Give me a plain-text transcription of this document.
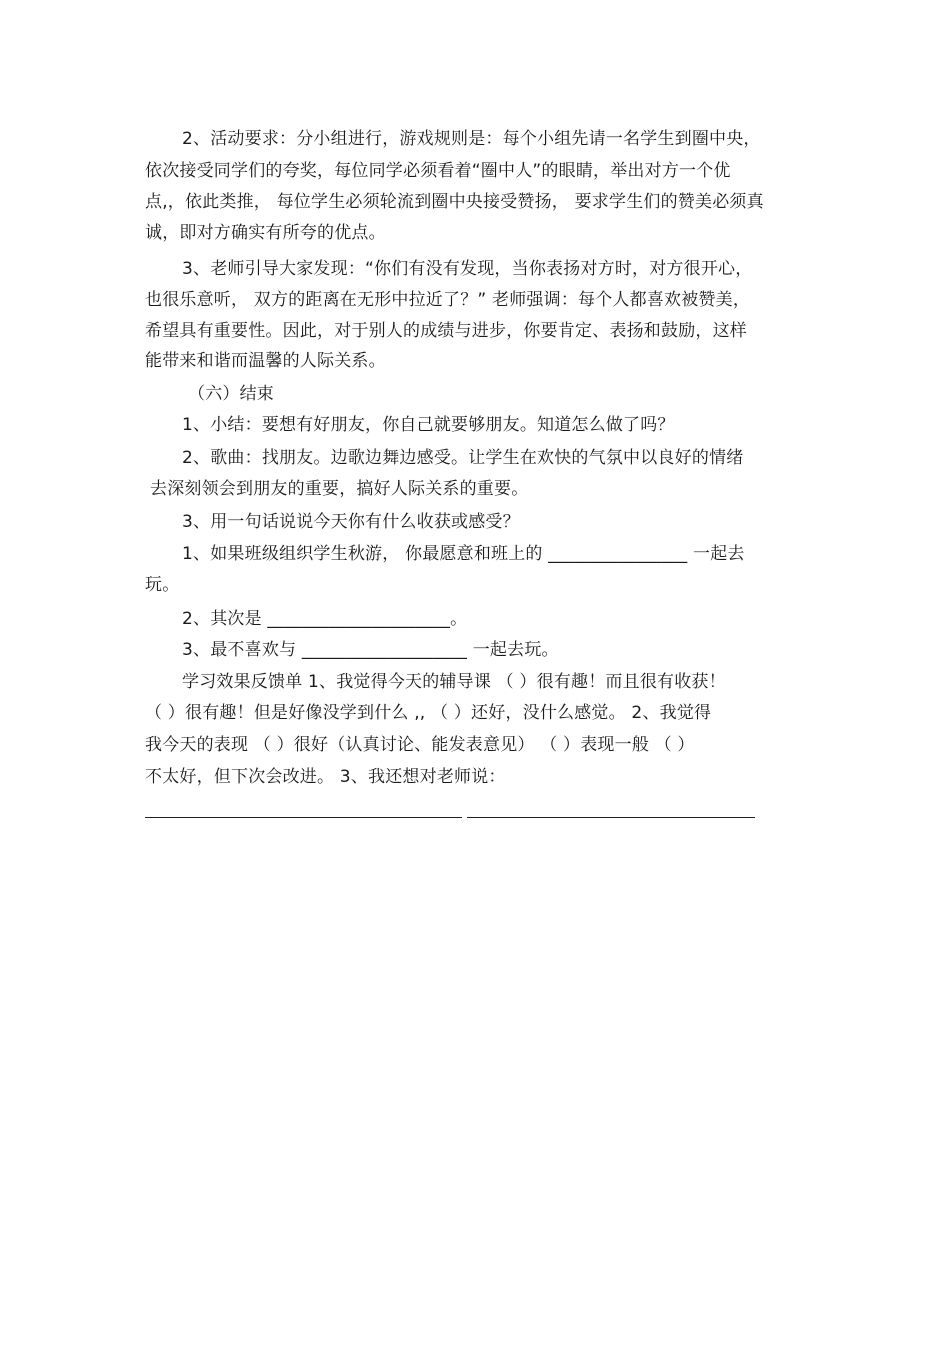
2、活动要求：分小组进行，游戏规则是：每个小组先请一名学生到圈中央，
依次接受同学们的夸奖，每位同学必须看着“圈中人”的眼睛，举出对方一个优
点,，依此类推， 每位学生必须轮流到圈中央接受赞扬， 要求学生们的赞美必须真
诚，即对方确实有所夸的优点。
3、老师引导大家发现：“你们有没有发现，当你表扬对方时，对方很开心，
也很乐意听， 双方的距离在无形中拉近了？” 老师强调：每个人都喜欢被赞美，
希望具有重要性。因此，对于别人的成绩与进步，你要肯定、表扬和鼓励，这样
能带来和谐而温馨的人际关系。
（六）结束
1、小结：要想有好朋友，你自己就要够朋友。知道怎么做了吗？
2、歌曲：找朋友。边歌边舞边感受。让学生在欢快的气氛中以良好的情绪
去深刻领会到朋友的重要，搞好人际关系的重要。
3、用一句话说说今天你有什么收获或感受？
1、如果班级组织学生秋游， 你最愿意和班上的 ________________ 一起去
玩。
2、其次是 _____________________。
3、最不喜欢与 ___________________ 一起去玩。
学习效果反馈单 1、我觉得今天的辅导课 （ ）很有趣！而且很有收获！
（ ）很有趣！但是好像没学到什么 ,, （ ）还好，没什么感觉。 2、我觉得
我今天的表现 （ ）很好（认真讨论、能发表意见） （ ）表现一般 （ ）
不太好，但下次会改进。 3、我还想对老师说：
